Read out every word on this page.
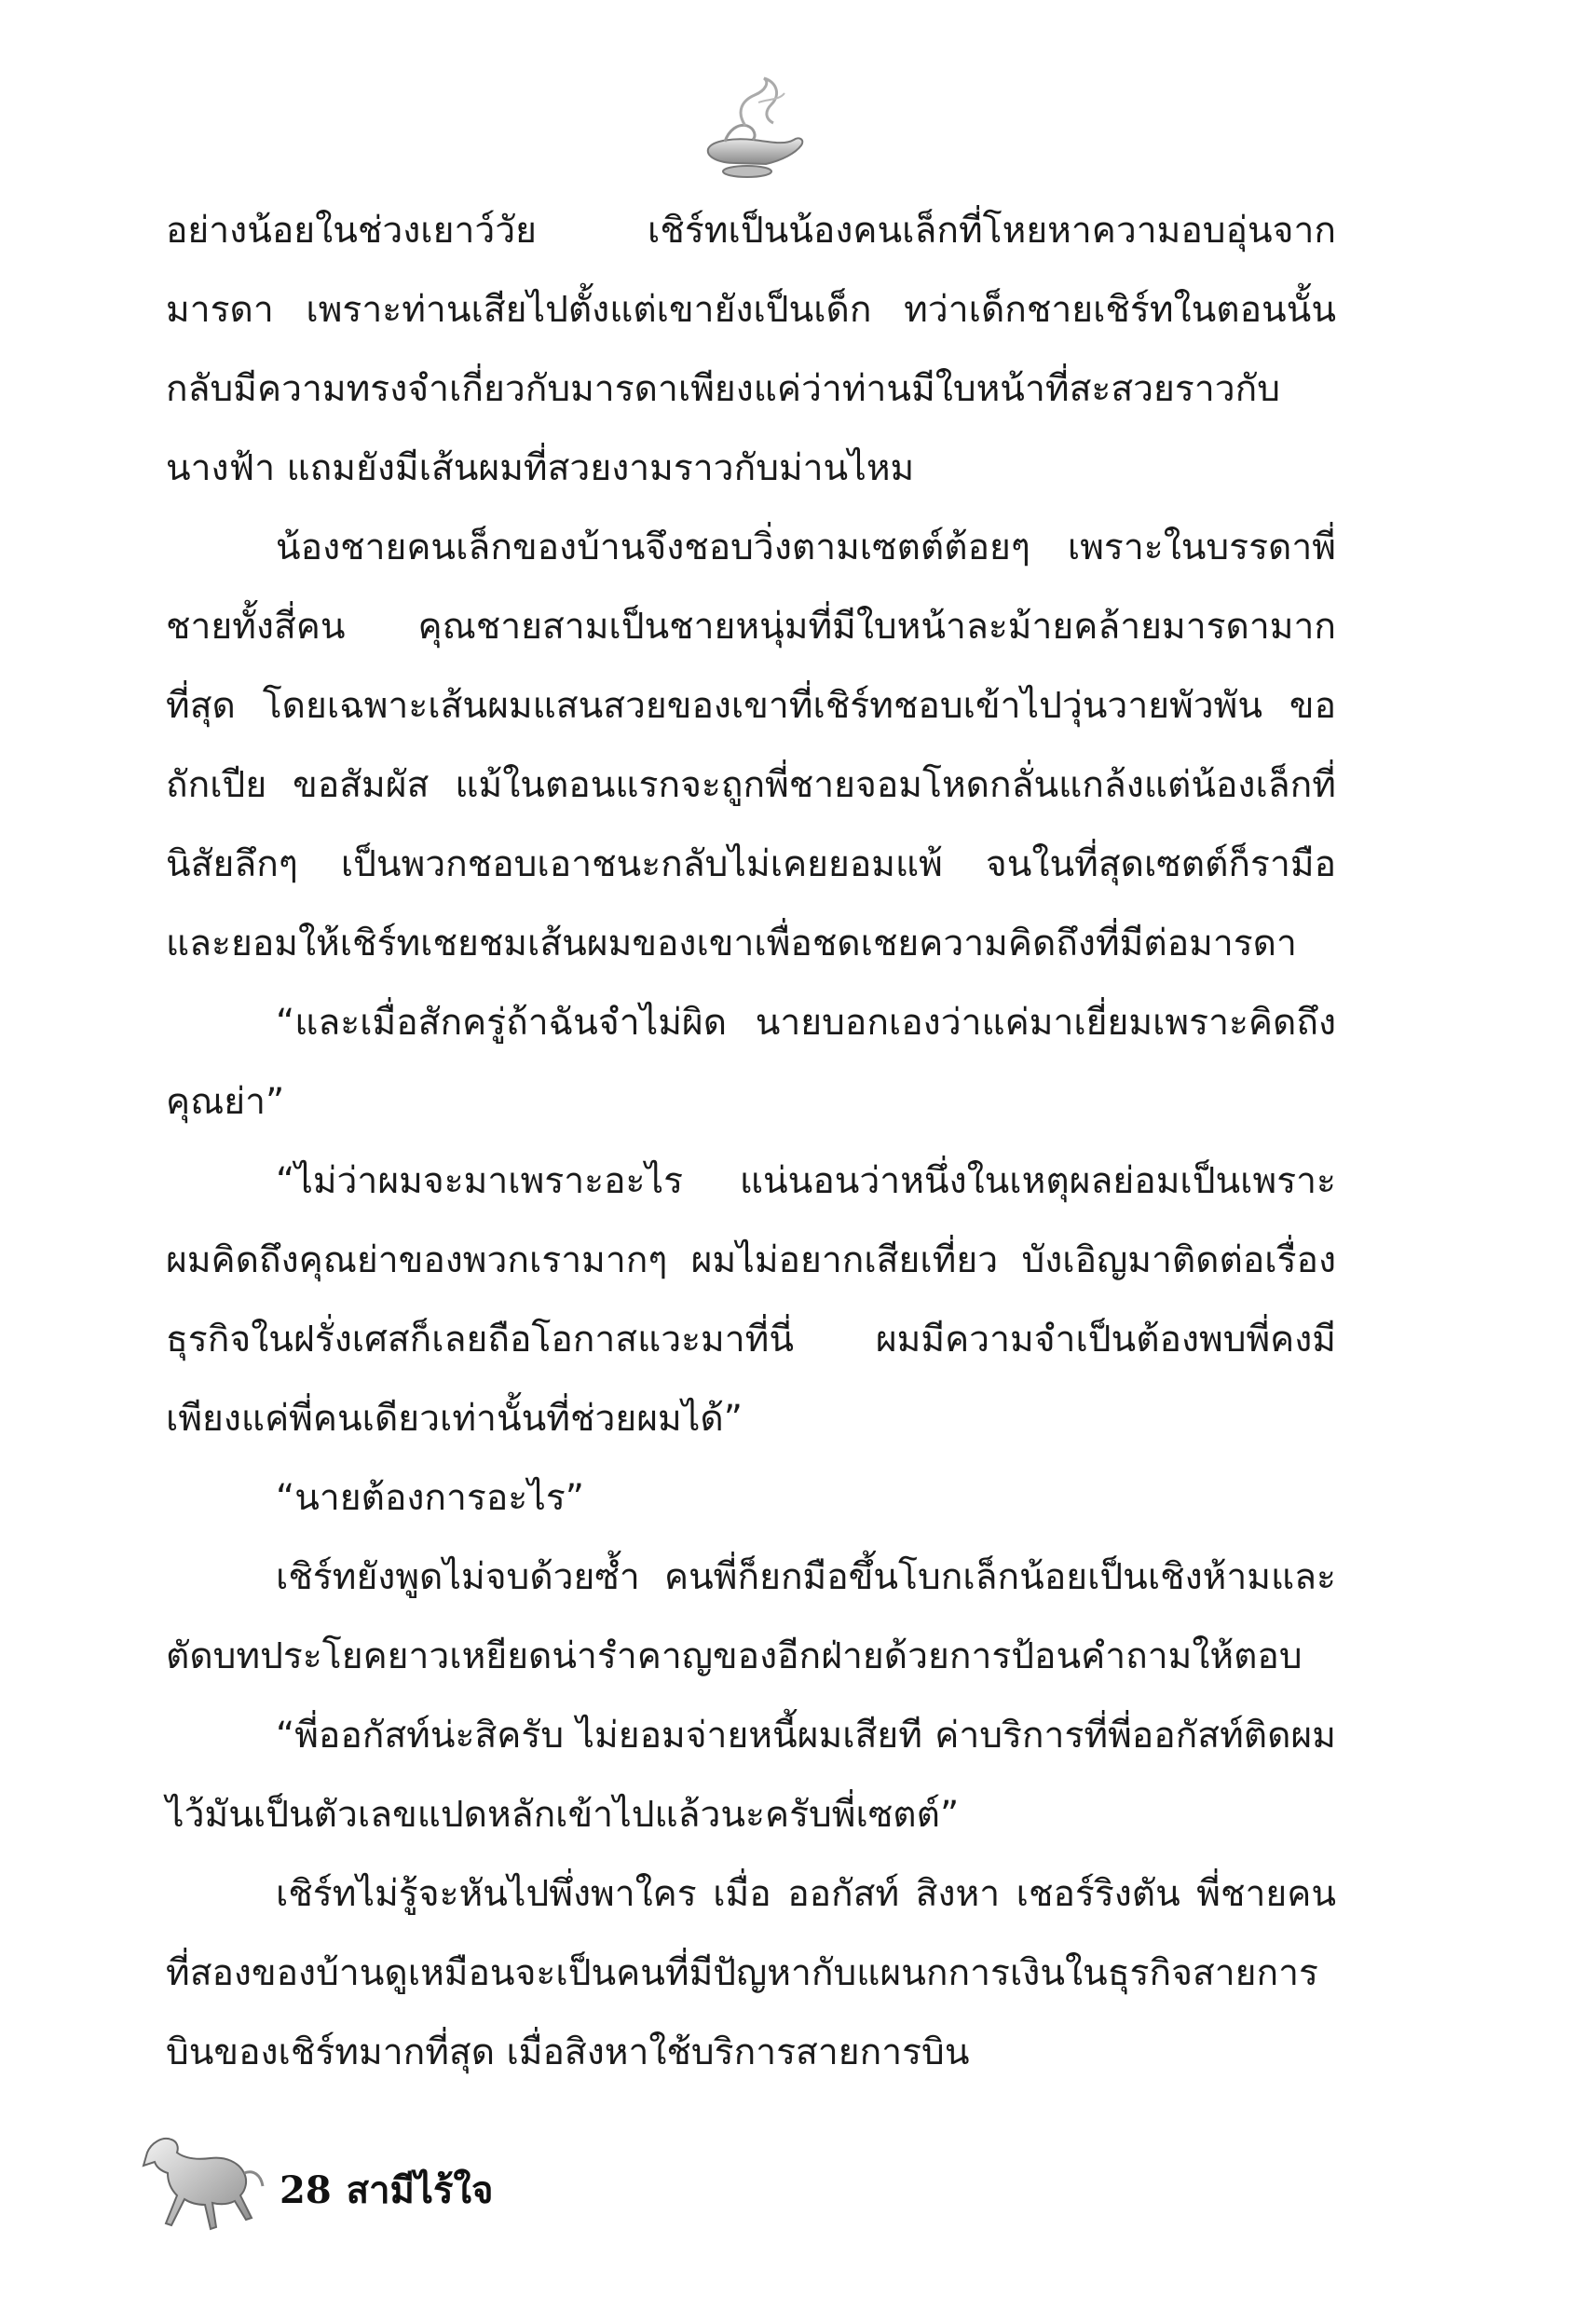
อย่างน้อยในช่วงเยาว์วัย เชิร์ทเป็นน้องคนเล็กที่โหยหาความอบอุ่นจากมารดา เพราะท่านเสียไปตั้งแต่เขายังเป็นเด็ก ทว่าเด็กชายเชิร์ทในตอนนั้นกลับมีความทรงจำเกี่ยวกับมารดาเพียงแค่ว่าท่านมีใบหน้าที่สะสวยราวกับนางฟ้า แถมยังมีเส้นผมที่สวยงามราวกับม่านไหม

น้องชายคนเล็กของบ้านจึงชอบวิ่งตามเซตต์ต้อยๆ เพราะในบรรดาพี่ชายทั้งสี่คน คุณชายสามเป็นชายหนุ่มที่มีใบหน้าละม้ายคล้ายมารดามากที่สุด โดยเฉพาะเส้นผมแสนสวยของเขาที่เชิร์ทชอบเข้าไปวุ่นวายพัวพัน ขอถักเปีย ขอสัมผัส แม้ในตอนแรกจะถูกพี่ชายจอมโหดกลั่นแกล้งแต่น้องเล็กที่นิสัยลึกๆ เป็นพวกชอบเอาชนะกลับไม่เคยยอมแพ้ จนในที่สุดเซตต์ก็รามือและยอมให้เชิร์ทเชยชมเส้นผมของเขาเพื่อชดเชยความคิดถึงที่มีต่อมารดา

“และเมื่อสักครู่ถ้าฉันจำไม่ผิด นายบอกเองว่าแค่มาเยี่ยมเพราะคิดถึงคุณย่า”

“ไม่ว่าผมจะมาเพราะอะไร แน่นอนว่าหนึ่งในเหตุผลย่อมเป็นเพราะผมคิดถึงคุณย่าของพวกเรามากๆ ผมไม่อยากเสียเที่ยว บังเอิญมาติดต่อเรื่องธุรกิจในฝรั่งเศสก็เลยถือโอกาสแวะมาที่นี่ ผมมีความจำเป็นต้องพบพี่คงมีเพียงแค่พี่คนเดียวเท่านั้นที่ช่วยผมได้”

“นายต้องการอะไร”

เชิร์ทยังพูดไม่จบด้วยซ้ำ คนพี่ก็ยกมือขึ้นโบกเล็กน้อยเป็นเชิงห้ามและตัดบทประโยคยาวเหยียดน่ารำคาญของอีกฝ่ายด้วยการป้อนคำถามให้ตอบ

“พี่ออกัสท์น่ะสิครับ ไม่ยอมจ่ายหนี้ผมเสียที ค่าบริการที่พี่ออกัสท์ติดผมไว้มันเป็นตัวเลขแปดหลักเข้าไปแล้วนะครับพี่เซตต์”

เชิร์ทไม่รู้จะหันไปพึ่งพาใคร เมื่อ ออกัสท์ สิงหา เชอร์ริงตัน พี่ชายคนที่สองของบ้านดูเหมือนจะเป็นคนที่มีปัญหากับแผนกการเงินในธุรกิจสายการบินของเชิร์ทมากที่สุด เมื่อสิงหาใช้บริการสายการบิน

28 สามีไร้ใจ
